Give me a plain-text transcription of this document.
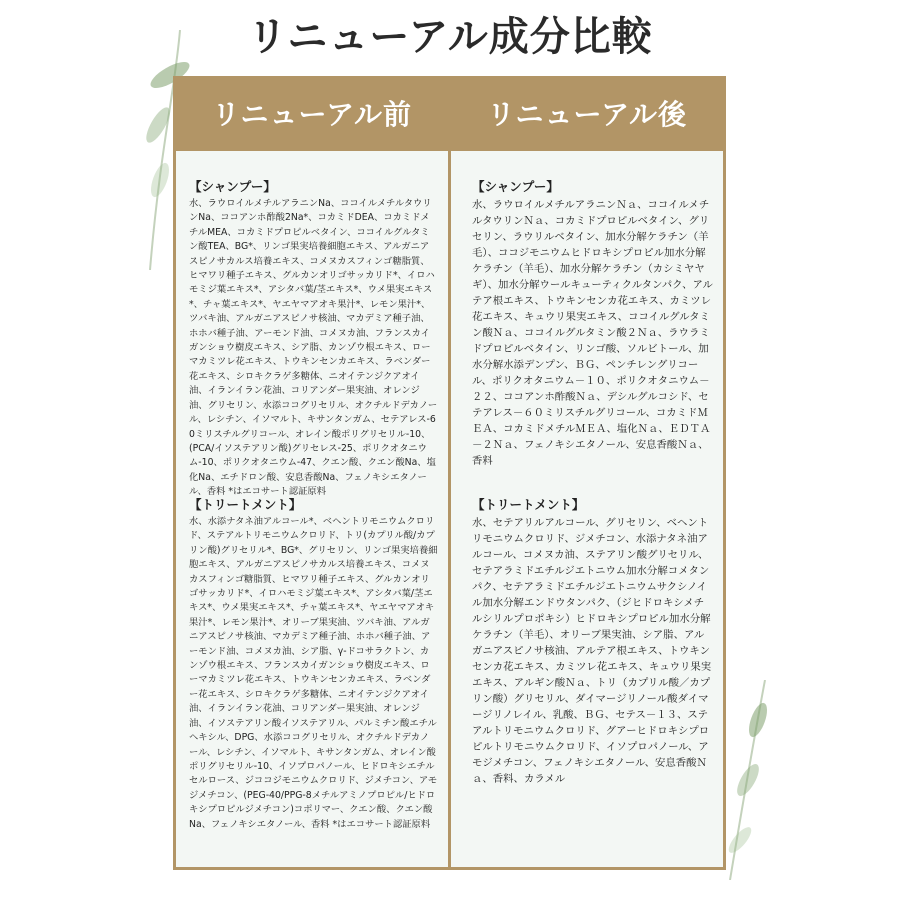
リニューアル成分比較
リニューアル前	リニューアル後

【シャンプー】

水、ラウロイルメチルアラニンNa、ココイルメチルタウリンNa、ココアンホ酢酸2Na*、コカミドDEA、コカミドメチルMEA、コカミドプロピルベタイン、ココイルグルタミン酸TEA、BG*、リンゴ果実培養細胞エキス、アルガニアスピノサカルス培養エキス、コメヌカスフィンゴ糖脂質、ヒマワリ種子エキス、グルカンオリゴサッカリド*、イロハモミジ葉エキス*、アシタバ葉/茎エキス*、ウメ果実エキス*、チャ葉エキス*、ヤエヤマアオキ果汁*、レモン果汁*、ツバキ油、アルガニアスピノサ核油、マカデミア種子油、ホホバ種子油、アーモンド油、コメヌカ油、フランスカイガンショウ樹皮エキス、シア脂、カンゾウ根エキス、ローマカミツレ花エキス、トウキンセンカエキス、ラベンダー花エキス、シロキクラゲ多糖体、ニオイテンジクアオイ油、イランイラン花油、コリアンダー果実油、オレンジ油、グリセリン、水添ココグリセリル、オクチルドデカノール、レシチン、イソマルト、キサンタンガム、セテアレス-60ミリスチルグリコール、オレイン酸ポリグリセリル-10、(PCA/イソステアリン酸)グリセレス-25、ポリクオタニウム-10、ポリクオタニウム-47、クエン酸、クエン酸Na、塩化Na、エチドロン酸、安息香酸Na、フェノキシエタノール、香料 *はエコサート認証原料

【トリートメント】

水、水添ナタネ油アルコール*、ベヘントリモニウムクロリド、ステアルトリモニウムクロリド、トリ(カプリル酸/カプリン酸)グリセリル*、BG*、グリセリン、リンゴ果実培養細胞エキス、アルガニアスピノサカルス培養エキス、コメヌカスフィンゴ糖脂質、ヒマワリ種子エキス、グルカンオリゴサッカリド*、イロハモミジ葉エキス*、アシタバ葉/茎エキス*、ウメ果実エキス*、チャ葉エキス*、ヤエヤマアオキ果汁*、レモン果汁*、オリーブ果実油、ツバキ油、アルガニアスピノサ核油、マカデミア種子油、ホホバ種子油、アーモンド油、コメヌカ油、シア脂、γ-ドコサラクトン、カンゾウ根エキス、フランスカイガンショウ樹皮エキス、ローマカミツレ花エキス、トウキンセンカエキス、ラベンダー花エキス、シロキクラゲ多糖体、ニオイテンジクアオイ油、イランイラン花油、コリアンダー果実油、オレンジ油、イソステアリン酸イソステアリル、パルミチン酸エチルヘキシル、DPG、水添ココグリセリル、オクチルドデカノール、レシチン、イソマルト、キサンタンガム、オレイン酸ポリグリセリル-10、イソプロパノール、ヒドロキシエチルセルロース、ジココジモニウムクロリド、ジメチコン、アモジメチコン、(PEG-40/PPG-8メチルアミノプロピル/ヒドロキシプロピルジメチコン)コポリマー、クエン酸、クエン酸Na、フェノキシエタノール、香料 *はエコサート認証原料

【シャンプー】

水、ラウロイルメチルアラニンＮａ、ココイルメチルタウリンＮａ、コカミドプロピルベタイン、グリセリン、ラウリルベタイン、加水分解ケラチン（羊毛）、ココジモニウムヒドロキシプロピル加水分解ケラチン（羊毛）、加水分解ケラチン（カシミヤヤギ）、加水分解ウールキューティクルタンパク、アルテア根エキス、トウキンセンカ花エキス、カミツレ花エキス、キュウリ果実エキス、ココイルグルタミン酸Ｎａ、ココイルグルタミン酸２Ｎａ、ラウラミドプロピルベタイン、リンゴ酸、ソルビトール、加水分解水添デンプン、ＢＧ、ペンチレングリコール、ポリクオタニウム－１０、ポリクオタニウム－２２、ココアンホ酢酸Ｎａ、デシルグルコシド、セテアレス－６０ミリスチルグリコール、コカミドＭＥＡ、コカミドメチルＭＥＡ、塩化Ｎａ、ＥＤＴＡ－２Ｎａ、フェノキシエタノール、安息香酸Ｎａ、香料

【トリートメント】

水、セテアリルアルコール、グリセリン、ベヘントリモニウムクロリド、ジメチコン、水添ナタネ油アルコール、コメヌカ油、ステアリン酸グリセリル、セテアラミドエチルジエトニウム加水分解コメタンパク、セテアラミドエチルジエトニウムサクシノイル加水分解エンドウタンパク、（ジヒドロキシメチルシリルプロポキシ）ヒドロキシプロピル加水分解ケラチン（羊毛）、オリーブ果実油、シア脂、アルガニアスピノサ核油、アルテア根エキス、トウキンセンカ花エキス、カミツレ花エキス、キュウリ果実エキス、アルギン酸Ｎａ、トリ（カプリル酸／カプリン酸）グリセリル、ダイマージリノール酸ダイマージリノレイル、乳酸、ＢＧ、セテス－１３、ステアルトリモニウムクロリド、グアーヒドロキシプロピルトリモニウムクロリド、イソプロパノール、アモジメチコン、フェノキシエタノール、安息香酸Ｎａ、香料、カラメル
